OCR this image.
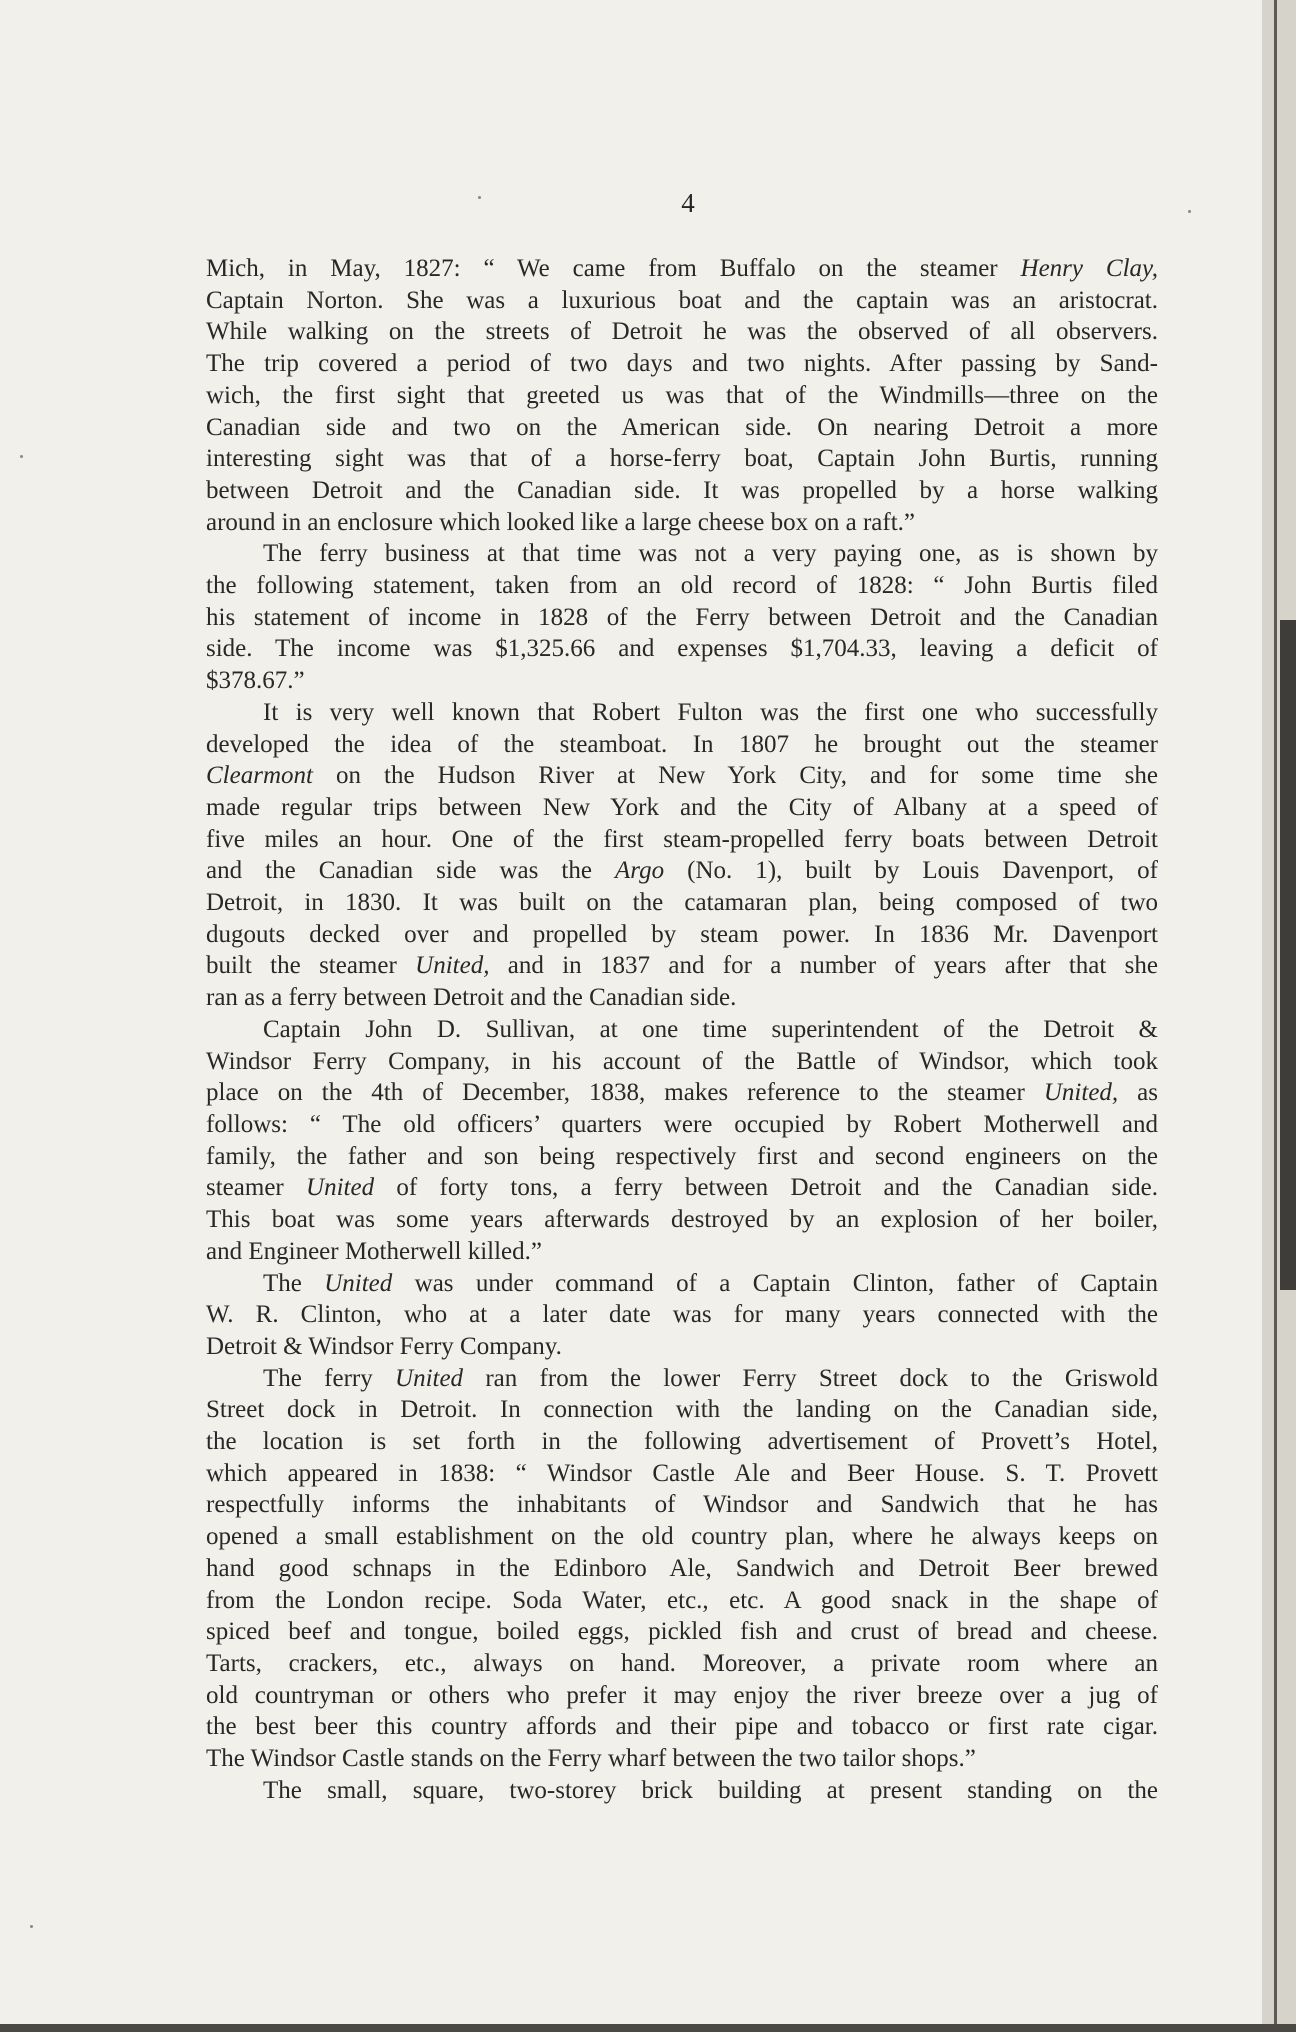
4
Mich, in May, 1827: “ We came from Buffalo on the steamer Henry Clay,
Captain Norton. She was a luxurious boat and the captain was an aristocrat.
While walking on the streets of Detroit he was the observed of all observers.
The trip covered a period of two days and two nights. After passing by Sand-
wich, the first sight that greeted us was that of the Windmills—three on the
Canadian side and two on the American side. On nearing Detroit a more
interesting sight was that of a horse-ferry boat, Captain John Burtis, running
between Detroit and the Canadian side. It was propelled by a horse walking
around in an enclosure which looked like a large cheese box on a raft.”
The ferry business at that time was not a very paying one, as is shown by
the following statement, taken from an old record of 1828: “ John Burtis filed
his statement of income in 1828 of the Ferry between Detroit and the Canadian
side. The income was $1,325.66 and expenses $1,704.33, leaving a deficit of
$378.67.”
It is very well known that Robert Fulton was the first one who successfully
developed the idea of the steamboat. In 1807 he brought out the steamer
Clearmont on the Hudson River at New York City, and for some time she
made regular trips between New York and the City of Albany at a speed of
five miles an hour. One of the first steam-propelled ferry boats between Detroit
and the Canadian side was the Argo (No. 1), built by Louis Davenport, of
Detroit, in 1830. It was built on the catamaran plan, being composed of two
dugouts decked over and propelled by steam power. In 1836 Mr. Davenport
built the steamer United, and in 1837 and for a number of years after that she
ran as a ferry between Detroit and the Canadian side.
Captain John D. Sullivan, at one time superintendent of the Detroit &
Windsor Ferry Company, in his account of the Battle of Windsor, which took
place on the 4th of December, 1838, makes reference to the steamer United, as
follows: “ The old officers’ quarters were occupied by Robert Motherwell and
family, the father and son being respectively first and second engineers on the
steamer United of forty tons, a ferry between Detroit and the Canadian side.
This boat was some years afterwards destroyed by an explosion of her boiler,
and Engineer Motherwell killed.”
The United was under command of a Captain Clinton, father of Captain
W. R. Clinton, who at a later date was for many years connected with the
Detroit & Windsor Ferry Company.
The ferry United ran from the lower Ferry Street dock to the Griswold
Street dock in Detroit. In connection with the landing on the Canadian side,
the location is set forth in the following advertisement of Provett’s Hotel,
which appeared in 1838: “ Windsor Castle Ale and Beer House. S. T. Provett
respectfully informs the inhabitants of Windsor and Sandwich that he has
opened a small establishment on the old country plan, where he always keeps on
hand good schnaps in the Edinboro Ale, Sandwich and Detroit Beer brewed
from the London recipe. Soda Water, etc., etc. A good snack in the shape of
spiced beef and tongue, boiled eggs, pickled fish and crust of bread and cheese.
Tarts, crackers, etc., always on hand. Moreover, a private room where an
old countryman or others who prefer it may enjoy the river breeze over a jug of
the best beer this country affords and their pipe and tobacco or first rate cigar.
The Windsor Castle stands on the Ferry wharf between the two tailor shops.”
The small, square, two-storey brick building at present standing on the
